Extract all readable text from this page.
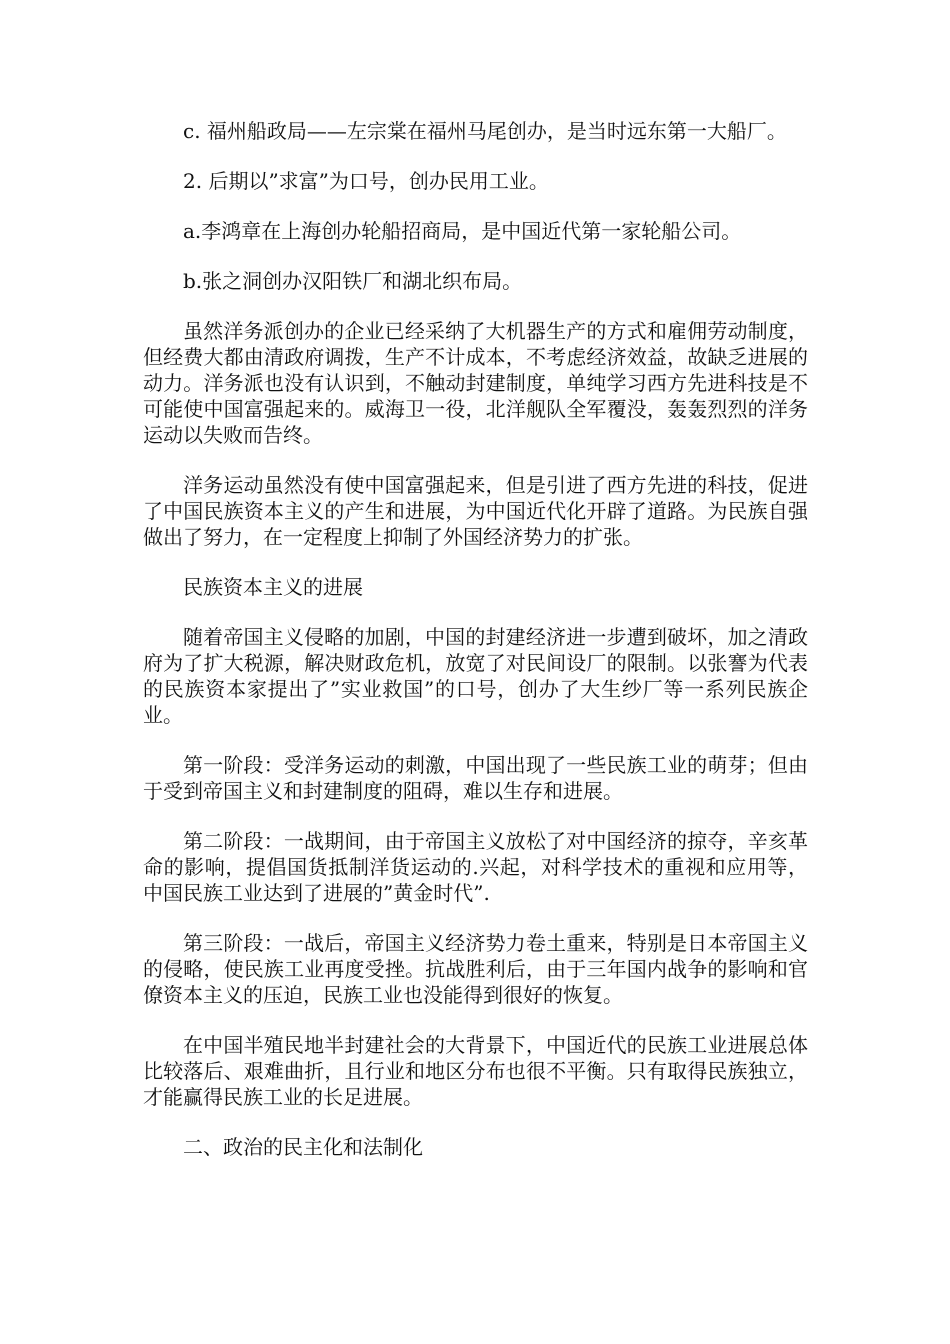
c. 福州船政局——左宗棠在福州马尾创办，是当时远东第一大船厂。

2. 后期以”求富”为口号，创办民用工业。

a.李鸿章在上海创办轮船招商局，是中国近代第一家轮船公司。

b.张之洞创办汉阳铁厂和湖北织布局。

虽然洋务派创办的企业已经采纳了大机器生产的方式和雇佣劳动制度，但经费大都由清政府调拨，生产不计成本，不考虑经济效益，故缺乏进展的动力。洋务派也没有认识到，不触动封建制度，单纯学习西方先进科技是不可能使中国富强起来的。威海卫一役，北洋舰队全军覆没，轰轰烈烈的洋务运动以失败而告终。

洋务运动虽然没有使中国富强起来，但是引进了西方先进的科技，促进了中国民族资本主义的产生和进展，为中国近代化开辟了道路。为民族自强做出了努力，在一定程度上抑制了外国经济势力的扩张。

民族资本主义的进展

随着帝国主义侵略的加剧，中国的封建经济进一步遭到破坏，加之清政府为了扩大税源，解决财政危机，放宽了对民间设厂的限制。以张謇为代表的民族资本家提出了”实业救国”的口号，创办了大生纱厂等一系列民族企业。

第一阶段：受洋务运动的刺激，中国出现了一些民族工业的萌芽；但由于受到帝国主义和封建制度的阻碍，难以生存和进展。

第二阶段：一战期间，由于帝国主义放松了对中国经济的掠夺，辛亥革命的影响，提倡国货抵制洋货运动的.兴起，对科学技术的重视和应用等，中国民族工业达到了进展的”黄金时代”.

第三阶段：一战后，帝国主义经济势力卷土重来，特别是日本帝国主义的侵略，使民族工业再度受挫。抗战胜利后，由于三年国内战争的影响和官僚资本主义的压迫，民族工业也没能得到很好的恢复。

在中国半殖民地半封建社会的大背景下，中国近代的民族工业进展总体比较落后、艰难曲折，且行业和地区分布也很不平衡。只有取得民族独立，才能赢得民族工业的长足进展。

二、政治的民主化和法制化
